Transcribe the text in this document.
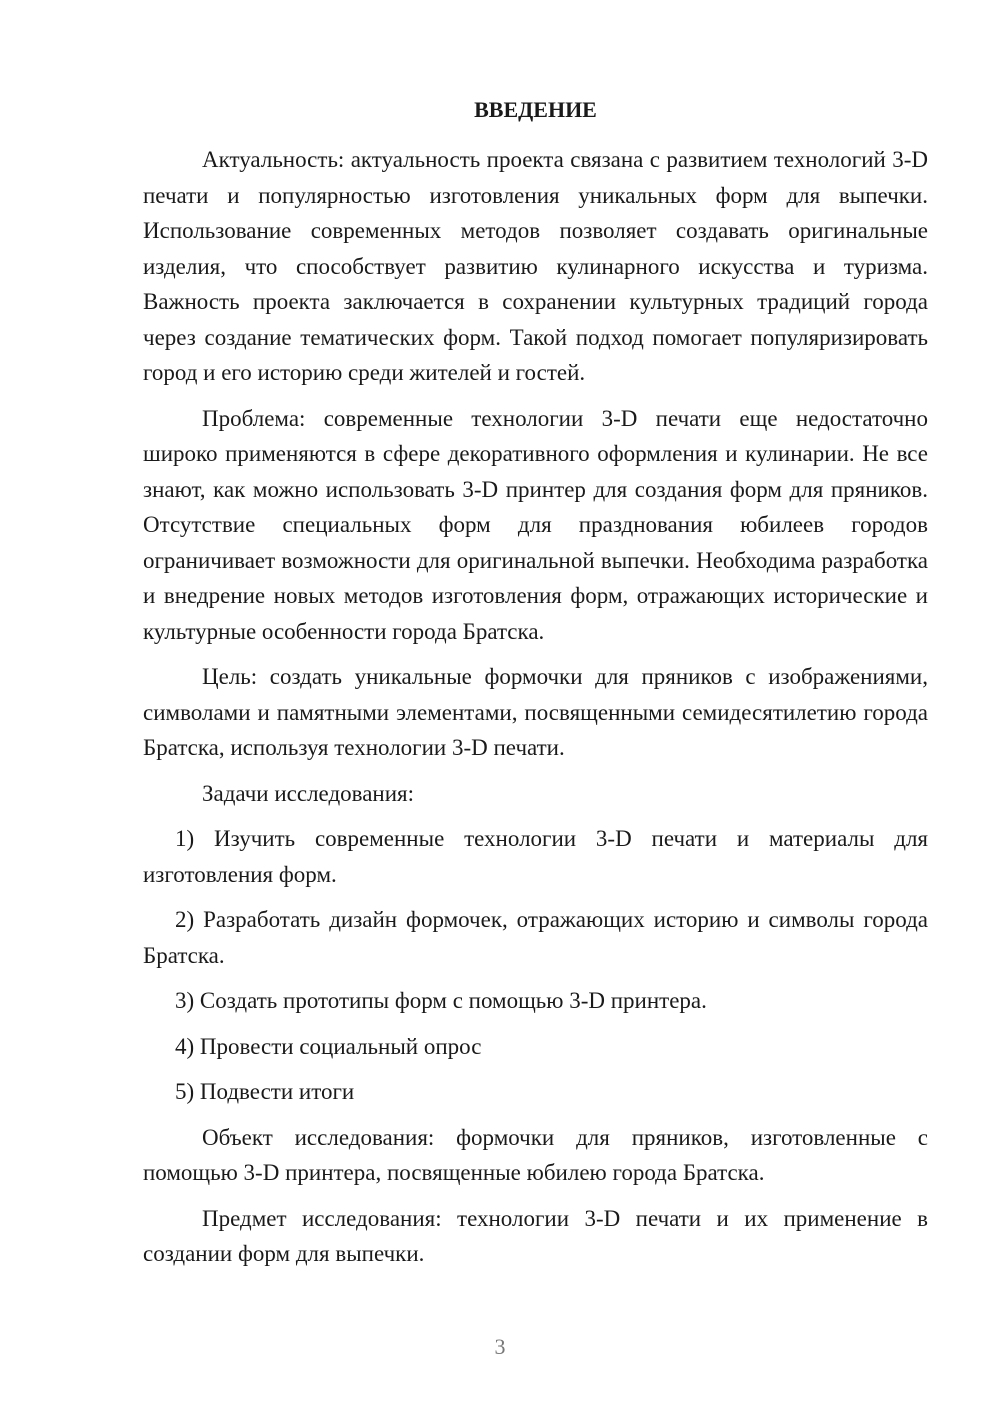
ВВЕДЕНИЕ

Актуальность: актуальность проекта связана с развитием технологий 3-D печати и популярностью изготовления уникальных форм для выпечки. Использование современных методов позволяет создавать оригинальные изделия, что способствует развитию кулинарного искусства и туризма. Важность проекта заключается в сохранении культурных традиций города через создание тематических форм. Такой подход помогает популяризировать город и его историю среди жителей и гостей.

Проблема: современные технологии 3-D печати еще недостаточно широко применяются в сфере декоративного оформления и кулинарии. Не все знают, как можно использовать 3-D принтер для создания форм для пряников. Отсутствие специальных форм для празднования юбилеев городов ограничивает возможности для оригинальной выпечки. Необходима разработка и внедрение новых методов изготовления форм, отражающих исторические и культурные особенности города Братска.

Цель: создать уникальные формочки для пряников с изображениями, символами и памятными элементами, посвященными семидесятилетию города Братска, используя технологии 3-D печати.

Задачи исследования:

1) Изучить современные технологии 3-D печати и материалы для изготовления форм.

2) Разработать дизайн формочек, отражающих историю и символы города Братска.

3) Создать прототипы форм с помощью 3-D принтера.

4) Провести социальный опрос

5) Подвести итоги

Объект исследования: формочки для пряников, изготовленные с помощью 3-D принтера, посвященные юбилею города Братска.

Предмет исследования: технологии 3-D печати и их применение в создании форм для выпечки.

3
